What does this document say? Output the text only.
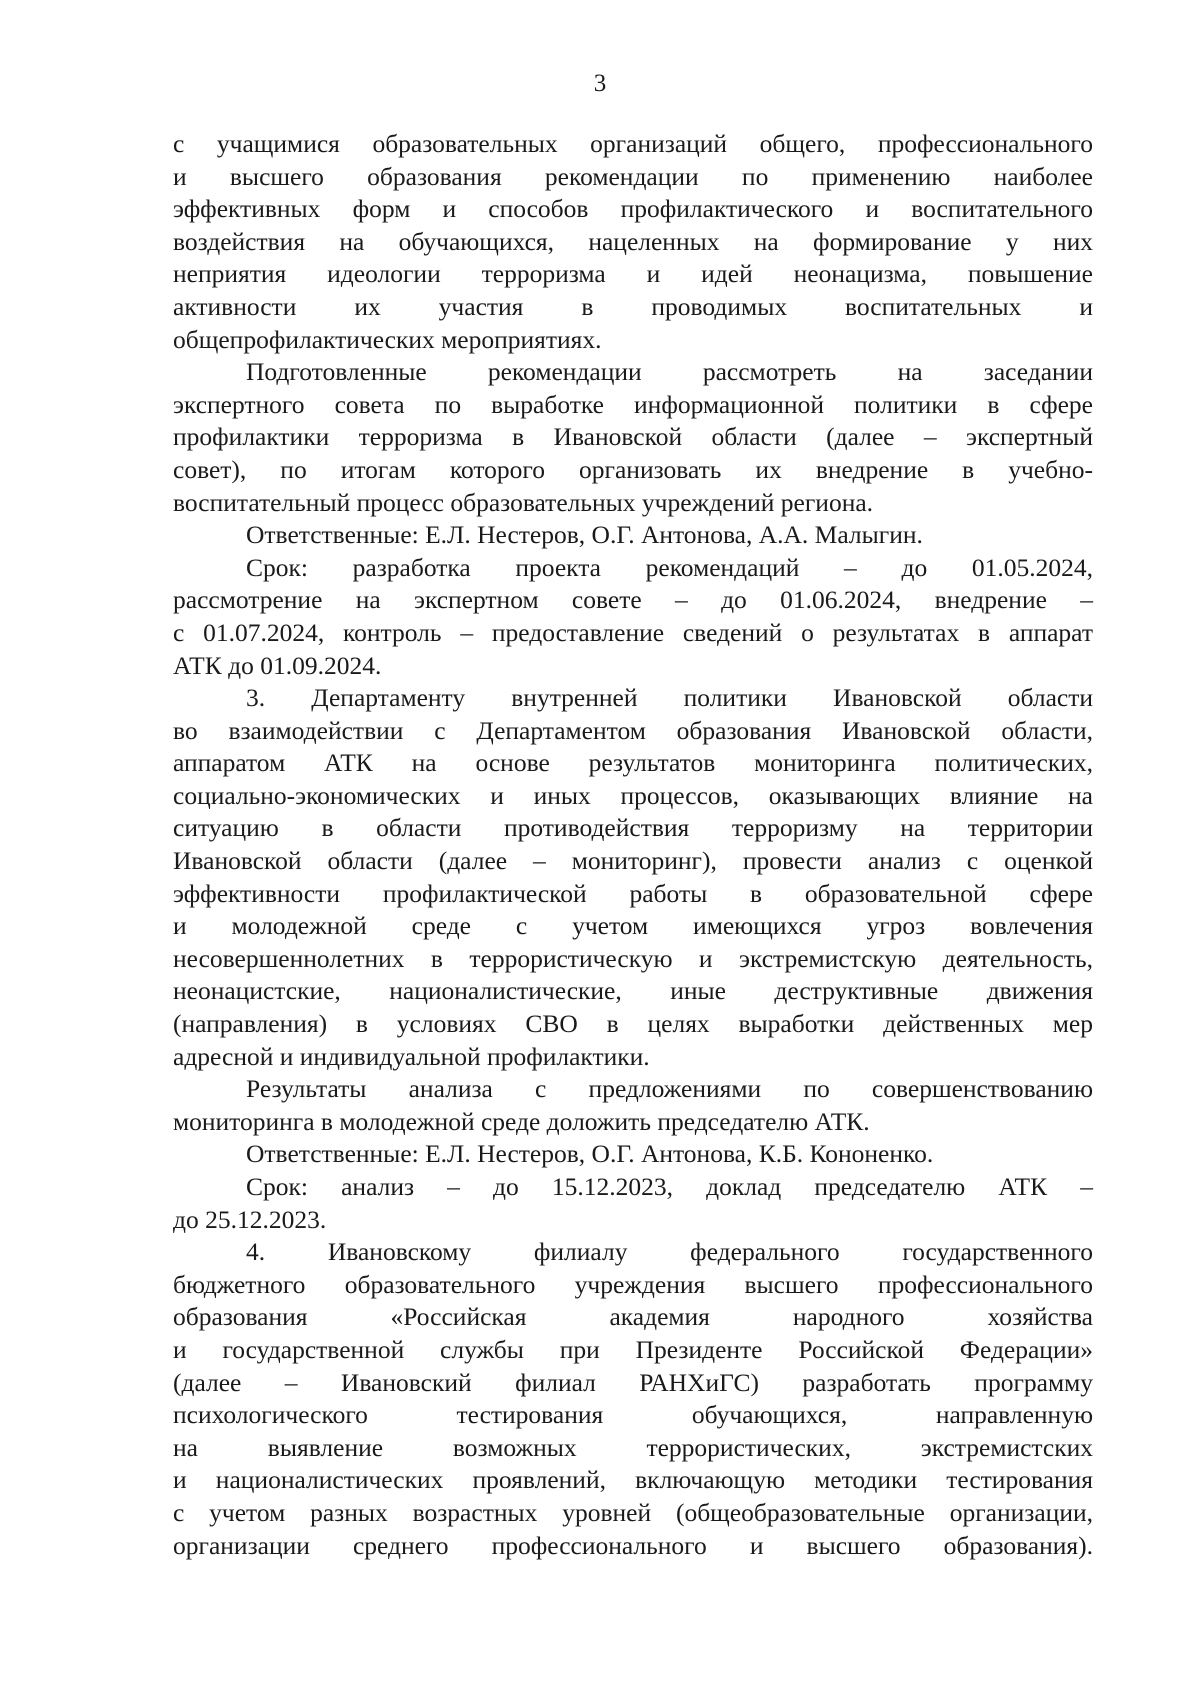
3
с учащимися образовательных организаций общего, профессионального
и высшего образования рекомендации по применению наиболее
эффективных форм и способов профилактического и воспитательного
воздействия на обучающихся, нацеленных на формирование у них
неприятия идеологии терроризма и идей неонацизма, повышение
активности их участия в проводимых воспитательных и
общепрофилактических мероприятиях.
Подготовленные рекомендации рассмотреть на заседании
экспертного совета по выработке информационной политики в сфере
профилактики терроризма в Ивановской области (далее – экспертный
совет), по итогам которого организовать их внедрение в учебно-
воспитательный процесс образовательных учреждений региона.
Ответственные: Е.Л. Нестеров, О.Г. Антонова, А.А. Малыгин.
Срок: разработка проекта рекомендаций – до 01.05.2024,
рассмотрение на экспертном совете – до 01.06.2024, внедрение –
с 01.07.2024, контроль – предоставление сведений о результатах в аппарат
АТК до 01.09.2024.
3. Департаменту внутренней политики Ивановской области
во взаимодействии с Департаментом образования Ивановской области,
аппаратом АТК на основе результатов мониторинга политических,
социально-экономических и иных процессов, оказывающих влияние на
ситуацию в области противодействия терроризму на территории
Ивановской области (далее – мониторинг), провести анализ с оценкой
эффективности профилактической работы в образовательной сфере
и молодежной среде с учетом имеющихся угроз вовлечения
несовершеннолетних в террористическую и экстремистскую деятельность,
неонацистские, националистические, иные деструктивные движения
(направления) в условиях СВО в целях выработки действенных мер
адресной и индивидуальной профилактики.
Результаты анализа с предложениями по совершенствованию
мониторинга в молодежной среде доложить председателю АТК.
Ответственные: Е.Л. Нестеров, О.Г. Антонова, К.Б. Кононенко.
Срок: анализ – до 15.12.2023, доклад председателю АТК –
до 25.12.2023.
4. Ивановскому филиалу федерального государственного
бюджетного образовательного учреждения высшего профессионального
образования «Российская академия народного хозяйства
и государственной службы при Президенте Российской Федерации»
(далее – Ивановский филиал РАНХиГС) разработать программу
психологического тестирования обучающихся, направленную
на выявление возможных террористических, экстремистских
и националистических проявлений, включающую методики тестирования
с учетом разных возрастных уровней (общеобразовательные организации,
организации среднего профессионального и высшего образования).
